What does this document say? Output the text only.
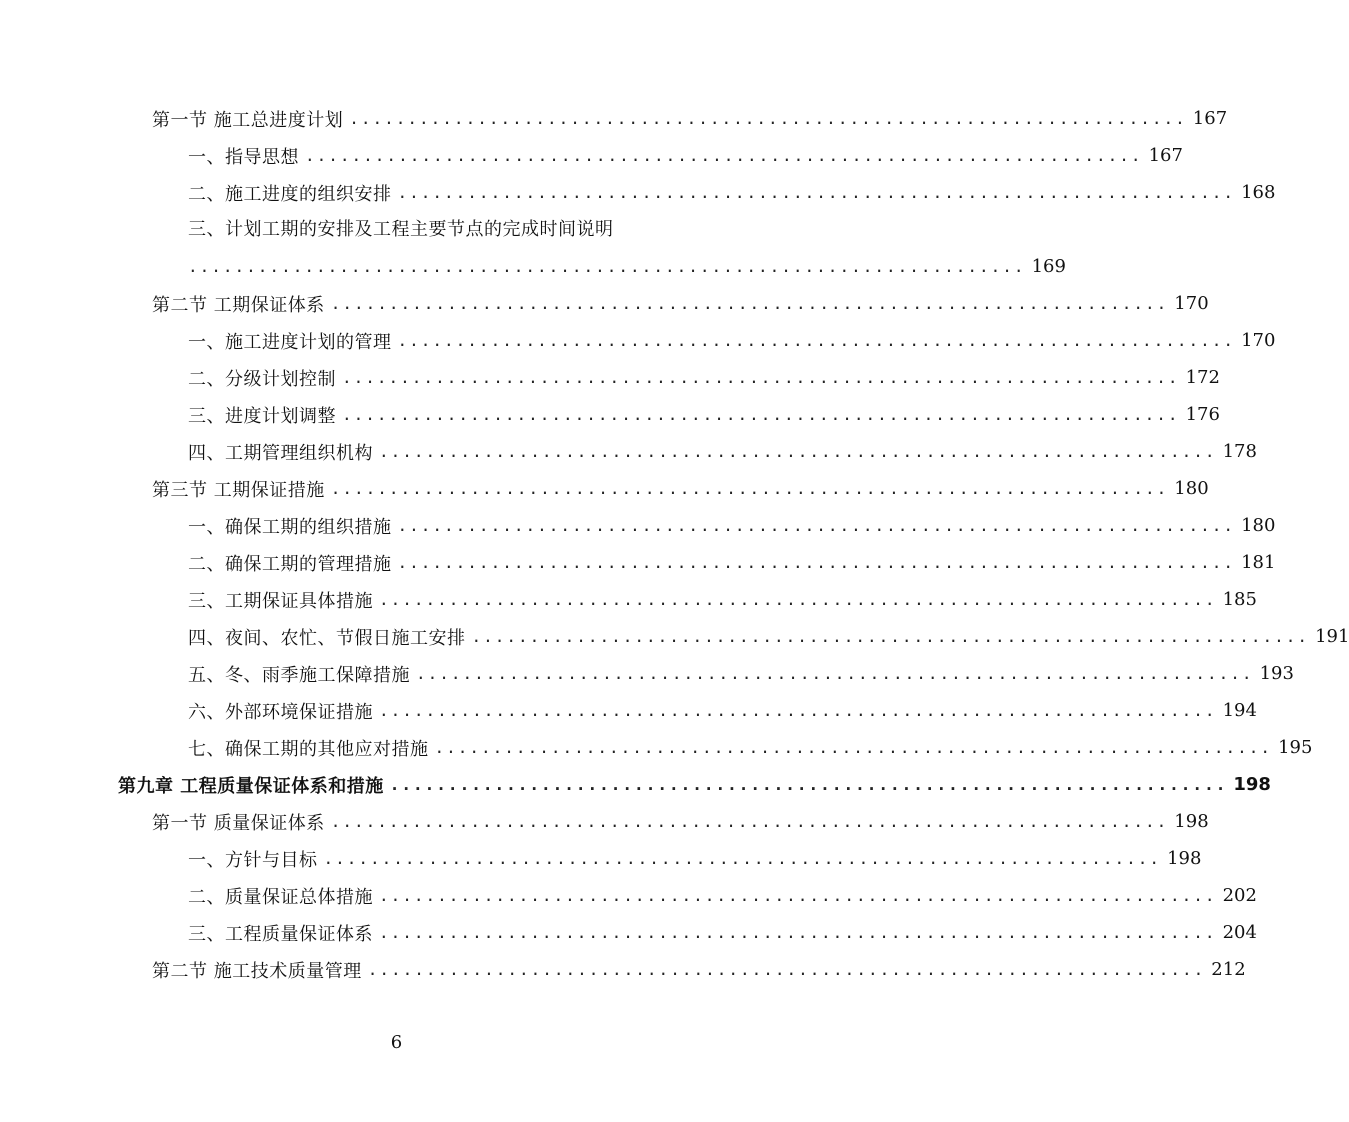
第一节 施工总进度计划 ........................................................................ 167
一、指导思想 ........................................................................ 167
二、施工进度的组织安排 ........................................................................ 168
三、计划工期的安排及工程主要节点的完成时间说明
........................................................................ 169
第二节 工期保证体系 ........................................................................ 170
一、施工进度计划的管理 ........................................................................ 170
二、分级计划控制 ........................................................................ 172
三、进度计划调整 ........................................................................ 176
四、工期管理组织机构 ........................................................................ 178
第三节 工期保证措施 ........................................................................ 180
一、确保工期的组织措施 ........................................................................ 180
二、确保工期的管理措施 ........................................................................ 181
三、工期保证具体措施 ........................................................................ 185
四、夜间、农忙、节假日施工安排 ........................................................................ 191
五、冬、雨季施工保障措施 ........................................................................ 193
六、外部环境保证措施 ........................................................................ 194
七、确保工期的其他应对措施 ........................................................................ 195
第九章 工程质量保证体系和措施 ........................................................................ 198
第一节 质量保证体系 ........................................................................ 198
一、方针与目标 ........................................................................ 198
二、质量保证总体措施 ........................................................................ 202
三、工程质量保证体系 ........................................................................ 204
第二节 施工技术质量管理 ........................................................................ 212
6
